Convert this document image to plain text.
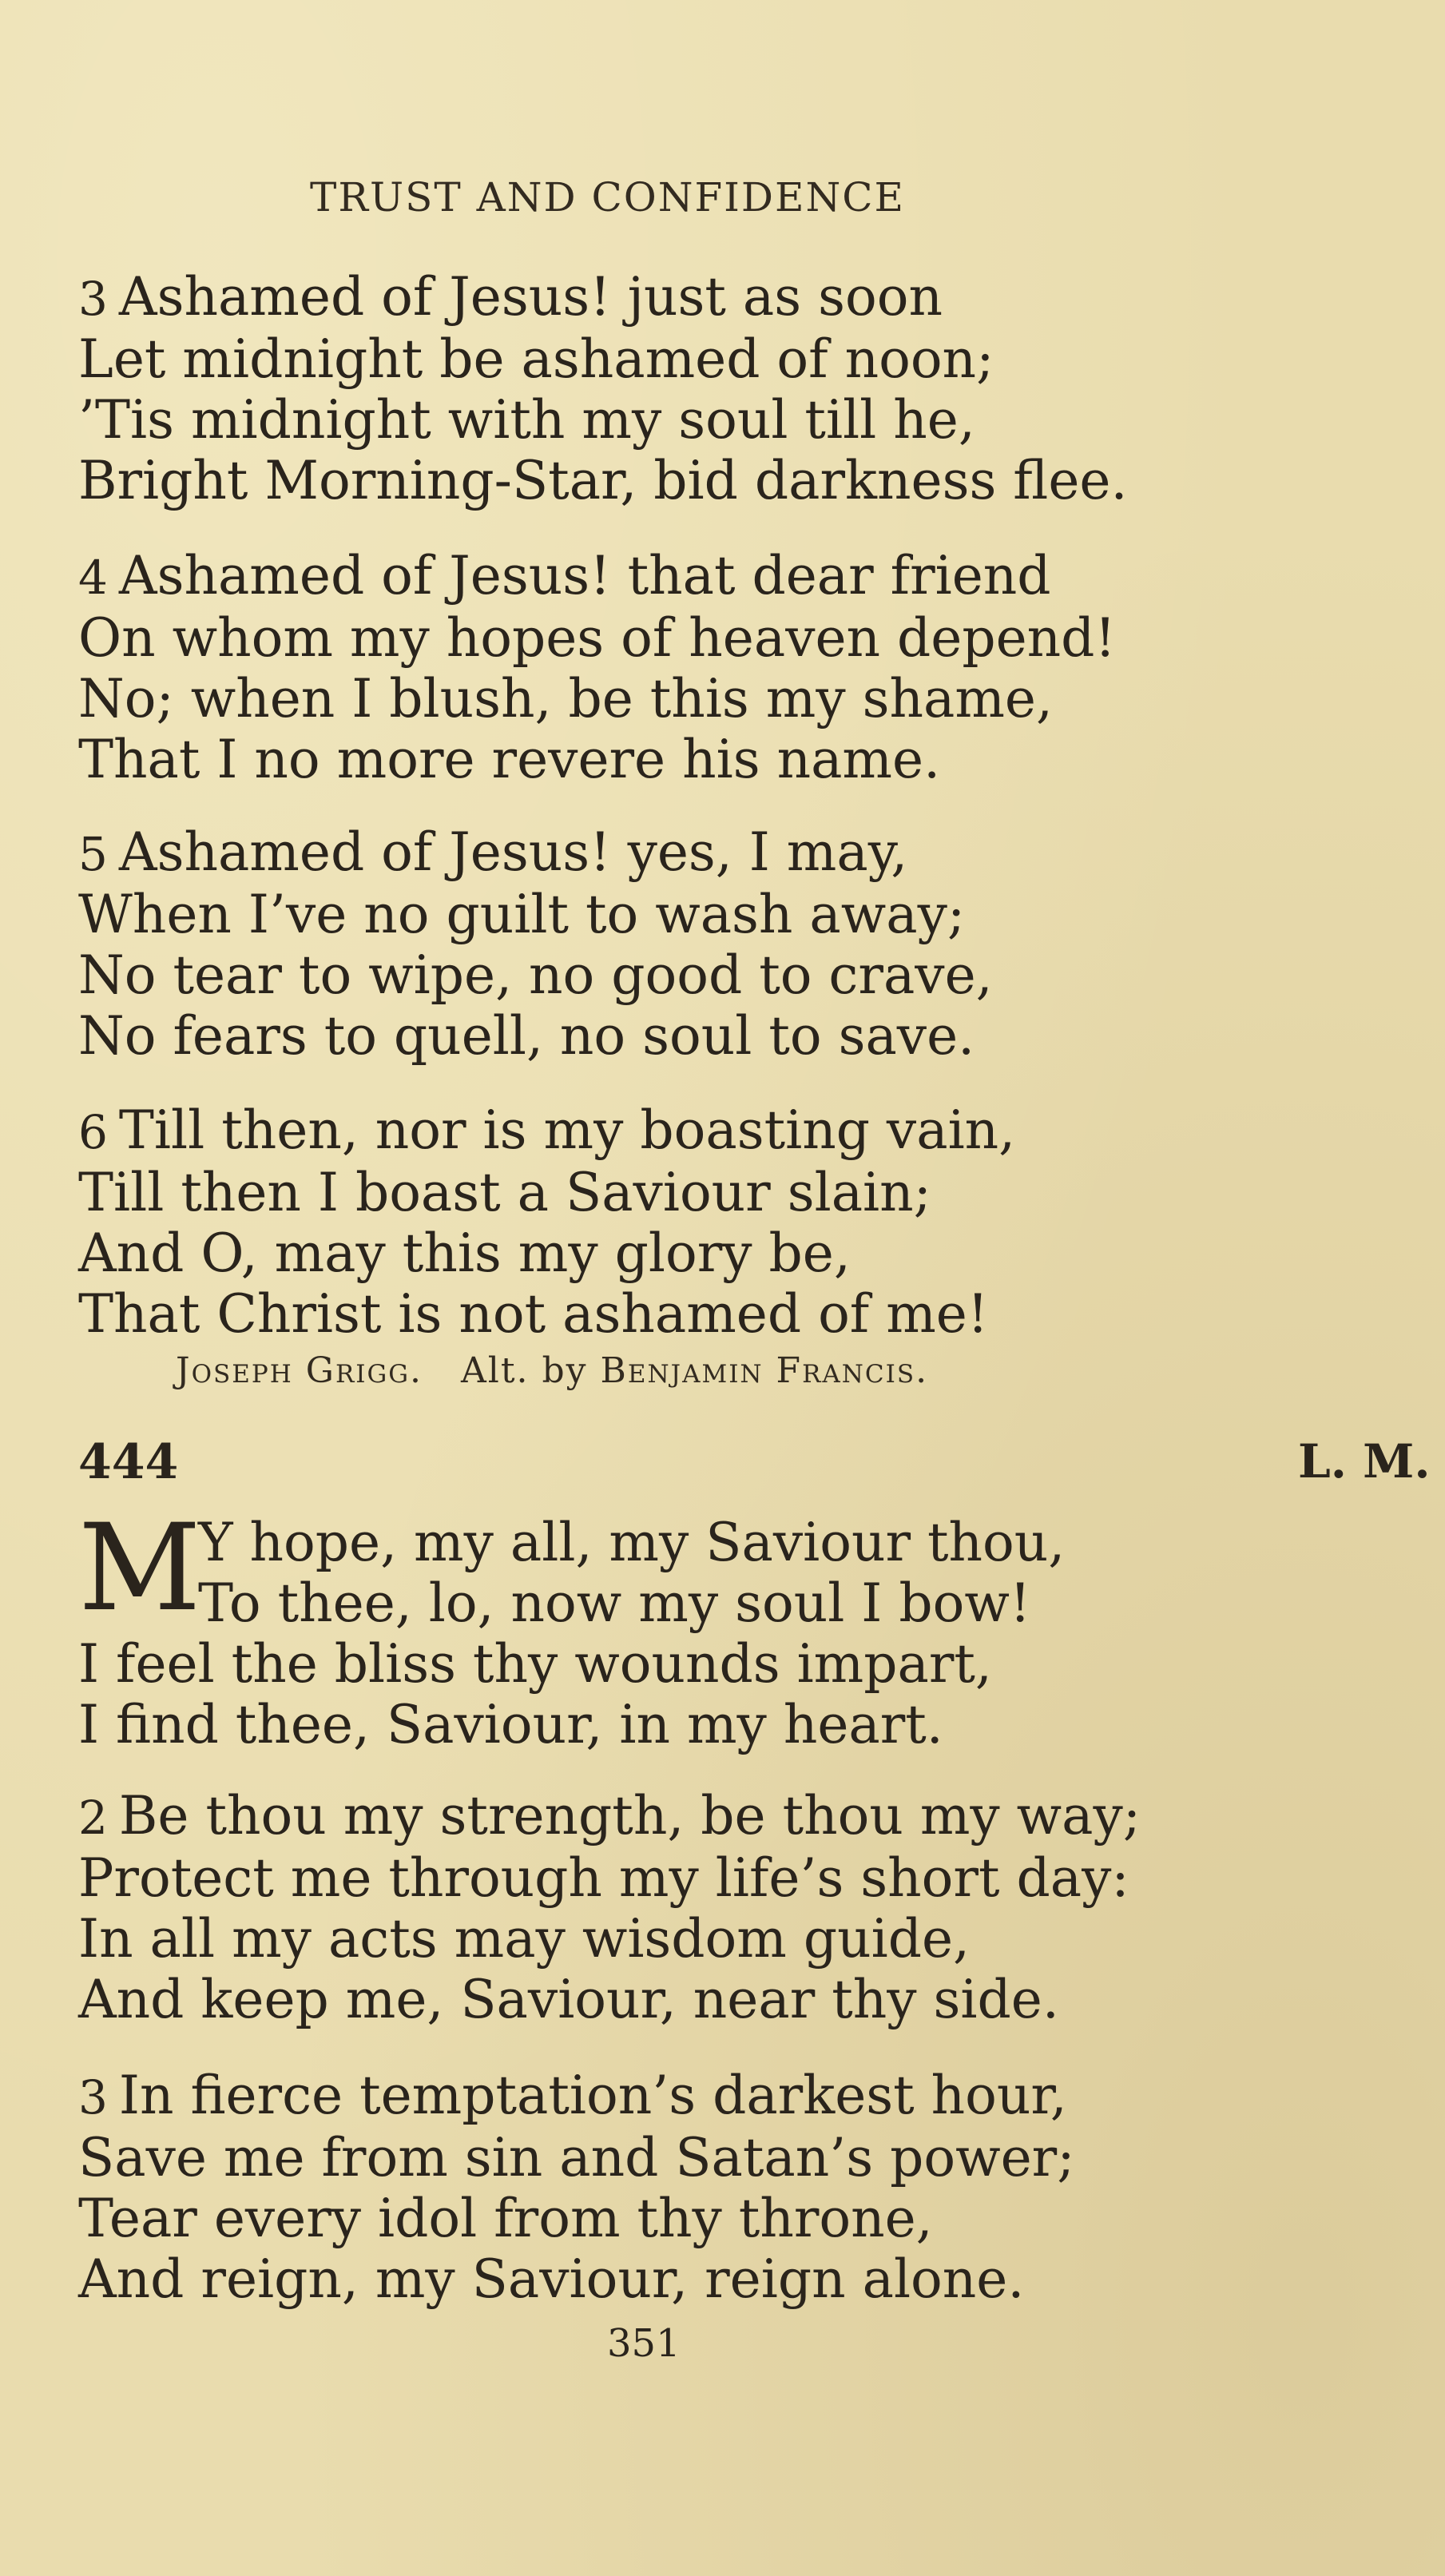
TRUST AND CONFIDENCE
3 Ashamed of Jesus! just as soon
Let midnight be ashamed of noon;
’Tis midnight with my soul till he,
Bright Morning-Star, bid darkness flee.
4 Ashamed of Jesus! that dear friend
On whom my hopes of heaven depend!
No; when I blush, be this my shame,
That I no more revere his name.
5 Ashamed of Jesus! yes, I may,
When I’ve no guilt to wash away;
No tear to wipe, no good to crave,
No fears to quell, no soul to save.
6 Till then, nor is my boasting vain,
Till then I boast a Saviour slain;
And O, may this my glory be,
That Christ is not ashamed of me!
Joseph Grigg. Alt. by Benjamin Francis.
444	L. M.
M
Y hope, my all, my Saviour thou,
To thee, lo, now my soul I bow!
I feel the bliss thy wounds impart,
I find thee, Saviour, in my heart.
2 Be thou my strength, be thou my way;
Protect me through my life’s short day:
In all my acts may wisdom guide,
And keep me, Saviour, near thy side.
3 In fierce temptation’s darkest hour,
Save me from sin and Satan’s power;
Tear every idol from thy throne,
And reign, my Saviour, reign alone.
351
